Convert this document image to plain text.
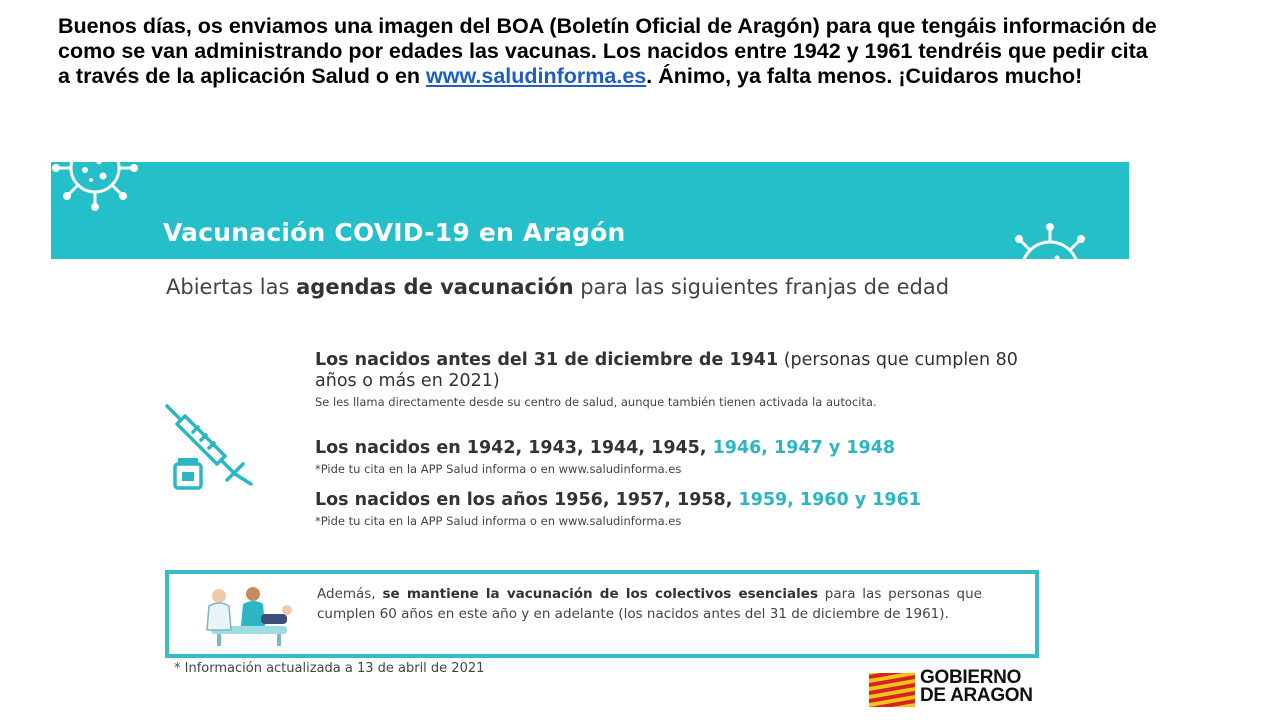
Buenos días, os enviamos una imagen del BOA (Boletín Oficial de Aragón) para que tengáis información de como se van administrando por edades las vacunas. Los nacidos entre 1942 y 1961 tendréis que pedir cita a través de la aplicación Salud o en www.saludinforma.es. Ánimo, ya falta menos. ¡Cuidaros mucho!
Vacunación COVID-19 en Aragón
Abiertas las agendas de vacunación para las siguientes franjas de edad
Los nacidos antes del 31 de diciembre de 1941 (personas que cumplen 80 años o más en 2021)

Se les llama directamente desde su centro de salud, aunque también tienen activada la autocita.

Los nacidos en 1942, 1943, 1944, 1945, 1946, 1947 y 1948

*Pide tu cita en la APP Salud informa o en www.saludinforma.es

Los nacidos en los años 1956, 1957, 1958, 1959, 1960 y 1961

*Pide tu cita en la APP Salud informa o en www.saludinforma.es

Además, se mantiene la vacunación de los colectivos esenciales para las personas que cumplen 60 años en este año y en adelante (los nacidos antes del 31 de diciembre de 1961).
* Información actualizada a 13 de abril de 2021	GOBIERNO
DE ARAGON
